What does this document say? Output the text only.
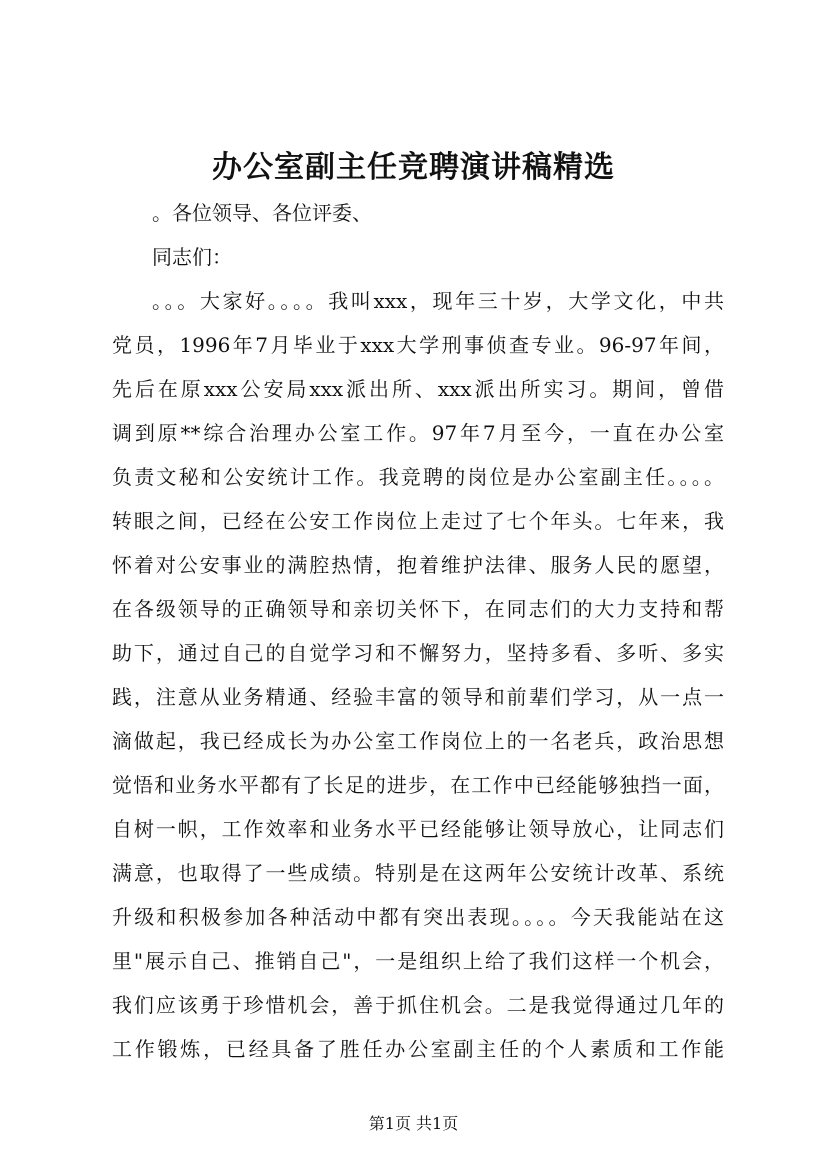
办公室副主任竞聘演讲稿精选
。各位领导、各位评委、
同志们：
。。。大家好。。。。我叫xxx，现年三十岁，大学文化，中共
党员，1996年7月毕业于xxx大学刑事侦查专业。96-97年间，
先后在原xxx公安局xxx派出所、xxx派出所实习。期间，曾借
调到原**综合治理办公室工作。97年7月至今，一直在办公室
负责文秘和公安统计工作。我竞聘的岗位是办公室副主任。。。。
转眼之间，已经在公安工作岗位上走过了七个年头。七年来，我
怀着对公安事业的满腔热情，抱着维护法律、服务人民的愿望，
在各级领导的正确领导和亲切关怀下，在同志们的大力支持和帮
助下，通过自己的自觉学习和不懈努力，坚持多看、多听、多实
践，注意从业务精通、经验丰富的领导和前辈们学习，从一点一
滴做起，我已经成长为办公室工作岗位上的一名老兵，政治思想
觉悟和业务水平都有了长足的进步，在工作中已经能够独挡一面，
自树一帜，工作效率和业务水平已经能够让领导放心，让同志们
满意，也取得了一些成绩。特别是在这两年公安统计改革、系统
升级和积极参加各种活动中都有突出表现。。。。今天我能站在这
里"展示自己、推销自己"，一是组织上给了我们这样一个机会，
我们应该勇于珍惜机会，善于抓住机会。二是我觉得通过几年的
工作锻炼，已经具备了胜任办公室副主任的个人素质和工作能
第1页 共1页
